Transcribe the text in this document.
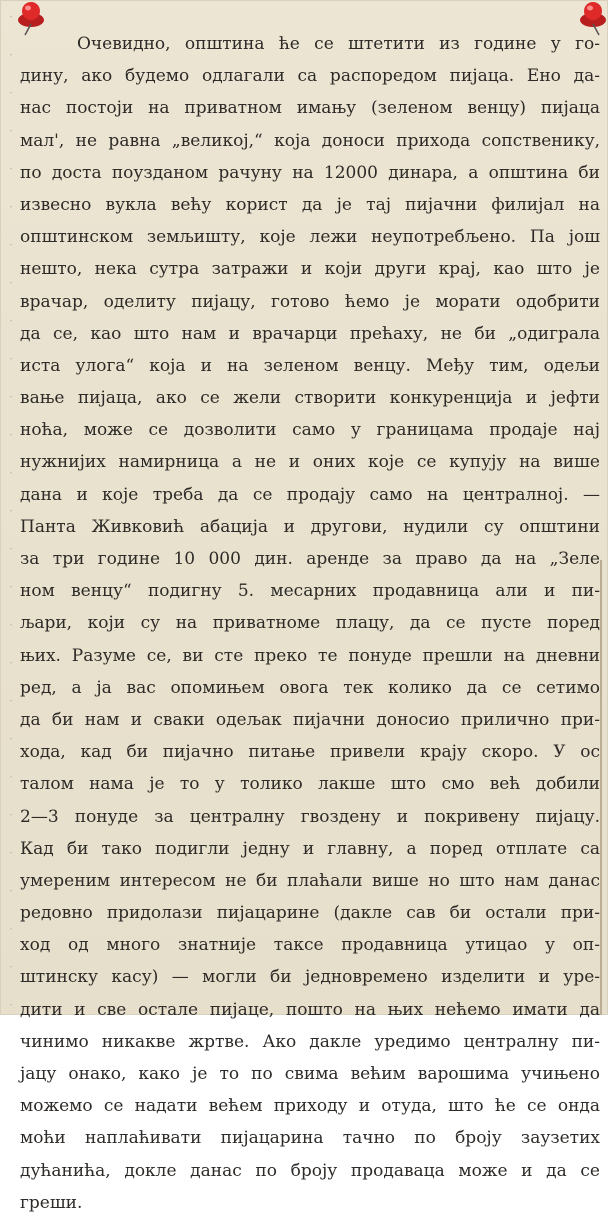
·
·
·
·
·
·
·
·
·
·
·
·
·
·
·
·
·
·
·
·
·
·
·
·
·
·
·
Очевидно, општина ће се штетити из године у го-
дину, ако будемо одлагали са распоредом пијаца. Ено да-
нас постоји на приватном имању (зеленом венцу) пијаца
мал', не равна „великој,“ која доноси прихода сопственику,
по доста поузданом рачуну на 12000 динара, а општина би
извесно вукла већу корист да је тај пијачни филијал на
општинском земљишту, које лежи неупотребљено. Па још
нешто, нека сутра затражи и који други крај, као што је
врачар, оделиту пијацу, готово ћемо је морати одобрити
да се, као што нам и врачарци прећаху, не би „одиграла
иста улога“ која и на зеленом венцу. Међу тим, одељи
вање пијаца, ако се жели створити конкуренција и јефти
ноћа, може се дозволити само у границама продаје нај
нужнијих намирница а не и оних које се купују на више
дана и које треба да се продају само на централној. —
Панта Живковић абација и другови, нудили су општини
за три године 10 000 дин. аренде за право да на „Зеле
ном венцу“ подигну 5. месарних продавница али и пи-
љари, који су на приватноме плацу, да се пусте поред
њих. Разуме се, ви сте преко те понуде прешли на дневни
ред, а ја вас опомињем овога тек колико да се сетимо
да би нам и сваки одељак пијачни доносио прилично при-
хода, кад би пијачно питање привели крају скоро. У ос
талом нама је то у толико лакше што смо већ добили
2—3 понуде за централну гвоздену и покривену пијацу.
Кад би тако подигли једну и главну, а поред отплате са
умереним интересом не би плаћали више но што нам данас
редовно придолази пијацарине (дакле сав би остали при-
ход од много знатније таксе продавница утицао у оп-
штинску касу) — могли би једновремено изделити и уре-
дити и све остале пијаце, пошто на њих нећемо имати да
чинимо никакве жртве. Ако дакле уредимо централну пи-
јацу онако, како је то по свима већим варошима учињено
можемо се надати већем приходу и отуда, што ће се онда
моћи наплаћивати пијацарина тачно по броју заузетих
дућанића, докле данас по броју продаваца може и да се
греши.
